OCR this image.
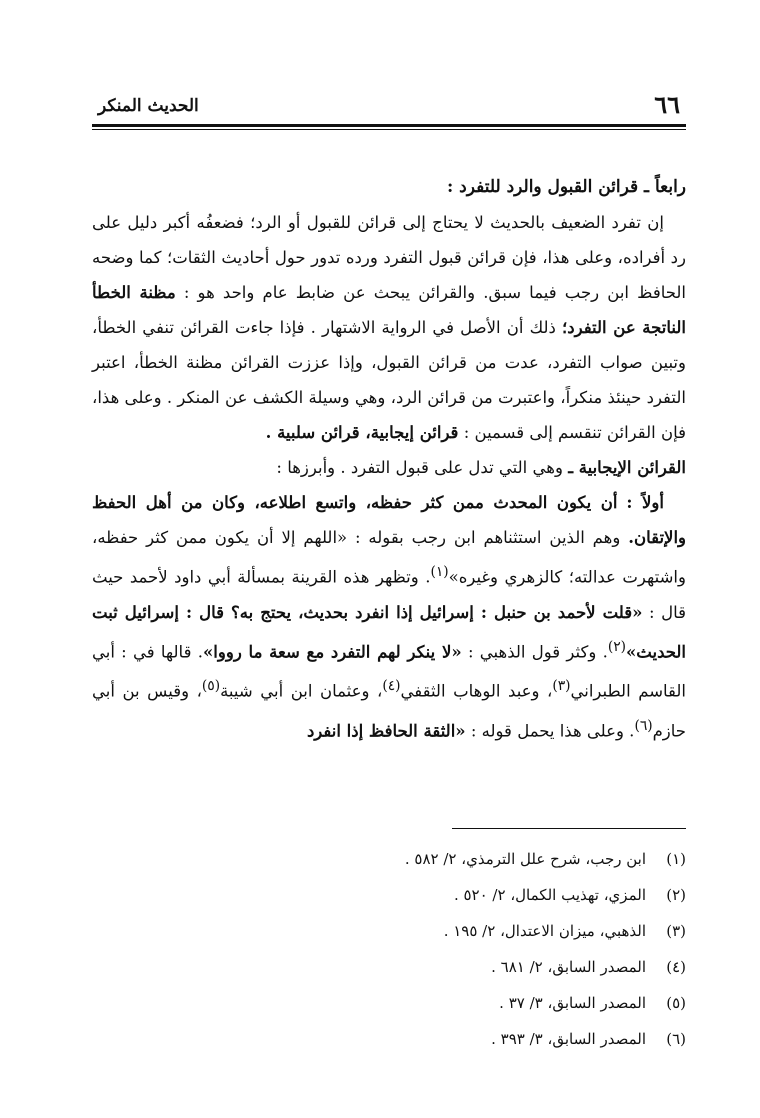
٦٦
الحديث المنكر

رابعاً ـ قرائن القبول والرد للتفرد :

إن تفرد الضعيف بالحديث لا يحتاج إلى قرائن للقبول أو الرد؛ فضعفُه أكبر دليل على رد أفراده، وعلى هذا، فإن قرائن قبول التفرد ورده تدور حول أحاديث الثقات؛ كما وضحه الحافظ ابن رجب فيما سبق. والقرائن يبحث عن ضابط عام واحد هو : مظنة الخطأ الناتجة عن التفرد؛ ذلك أن الأصل في الرواية الاشتهار . فإذا جاءت القرائن تنفي الخطأ، وتبين صواب التفرد، عدت من قرائن القبول، وإذا عززت القرائن مظنة الخطأ، اعتبر التفرد حينئذ منكراً، واعتبرت من قرائن الرد، وهي وسيلة الكشف عن المنكر . وعلى هذا، فإن القرائن تنقسم إلى قسمين : قرائن إيجابية، قرائن سلبية .

القرائن الإيجابية ـ وهي التي تدل على قبول التفرد . وأبرزها :

أولاً : أن يكون المحدث ممن كثر حفظه، واتسع اطلاعه، وكان من أهل الحفظ والإتقان. وهم الذين استثناهم ابن رجب بقوله : «اللهم إلا أن يكون ممن كثر حفظه، واشتهرت عدالته؛ كالزهري وغيره»$^{(١)}$. وتظهر هذه القرينة بمسألة أبي داود لأحمد حيث قال : «قلت لأحمد بن حنبل : إسرائيل إذا انفرد بحديث، يحتج به؟ قال : إسرائيل ثبت الحديث»$^{(٢)}$. وكثر قول الذهبي : «لا ينكر لهم التفرد مع سعة ما رووا». قالها في : أبي القاسم الطبراني$^{(٣)}$، وعبد الوهاب الثقفي$^{(٤)}$، وعثمان ابن أبي شيبة$^{(٥)}$، وقيس بن أبي حازم$^{(٦)}$. وعلى هذا يحمل قوله : «الثقة الحافظ إذا انفرد

(١)ابن رجب، شرح علل الترمذي، ٢/ ٥٨٢ .
(٢)المزي، تهذيب الكمال، ٢/ ٥٢٠ .
(٣)الذهبي، ميزان الاعتدال، ٢/ ١٩٥ .
(٤)المصدر السابق، ٢/ ٦٨١ .
(٥)المصدر السابق، ٣/ ٣٧ .
(٦)المصدر السابق، ٣/ ٣٩٣ .
